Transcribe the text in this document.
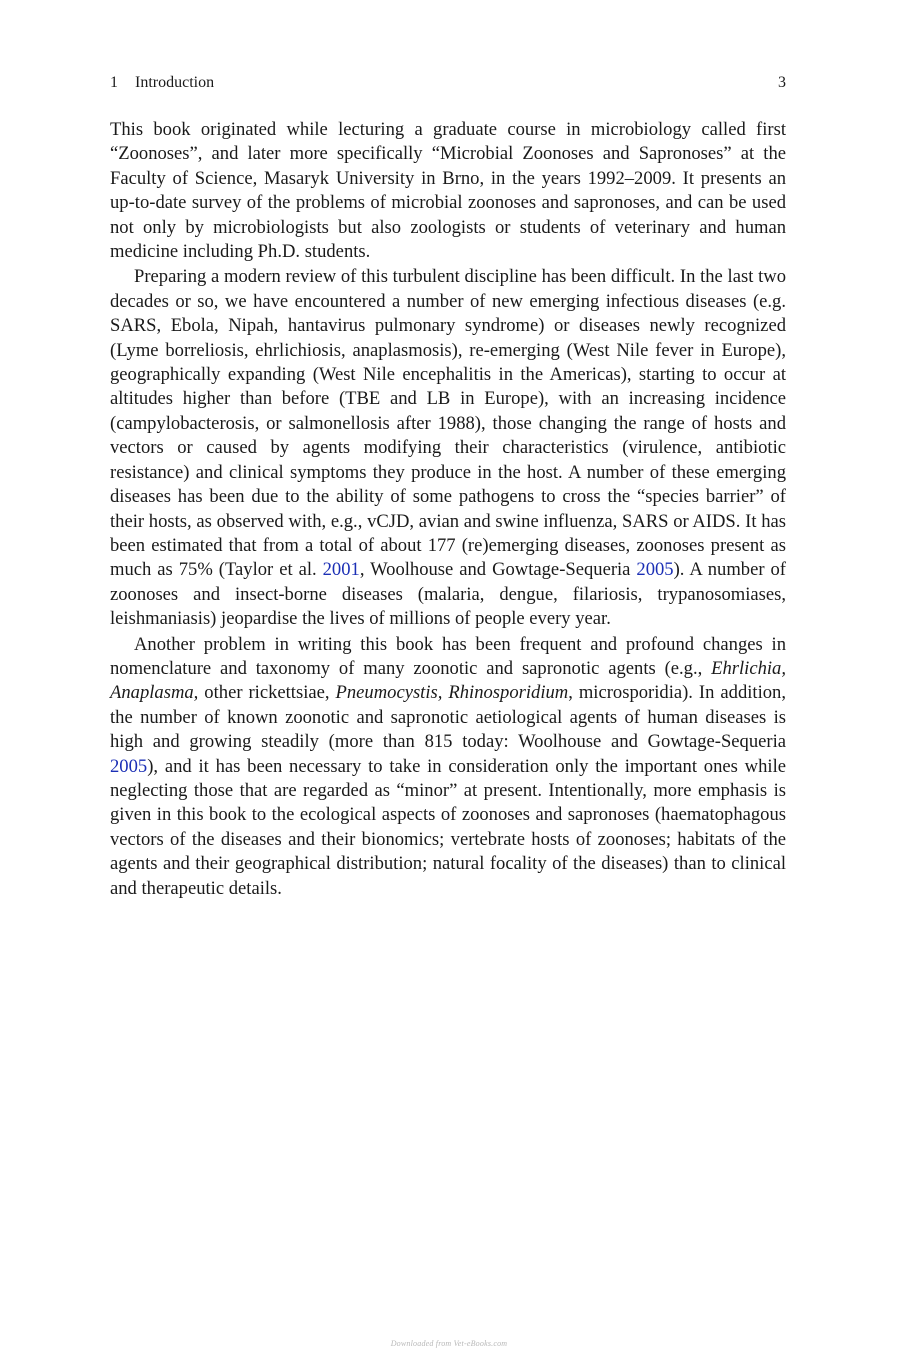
1 Introduction	3

This book originated while lecturing a graduate course in microbiology called first “Zoonoses”, and later more specifically “Microbial Zoonoses and Sapronoses” at the Faculty of Science, Masaryk University in Brno, in the years 1992–2009. It presents an up-to-date survey of the problems of microbial zoonoses and sapronoses, and can be used not only by microbiologists but also zoologists or students of veterinary and human medicine including Ph.D. students.

Preparing a modern review of this turbulent discipline has been difficult. In the last two decades or so, we have encountered a number of new emerging infectious diseases (e.g. SARS, Ebola, Nipah, hantavirus pulmonary syndrome) or diseases newly recognized (Lyme borreliosis, ehrlichiosis, anaplasmosis), re-emerging (West Nile fever in Europe), geographically expanding (West Nile encephalitis in the Americas), starting to occur at altitudes higher than before (TBE and LB in Europe), with an increasing incidence (campylobacterosis, or salmonellosis after 1988), those changing the range of hosts and vectors or caused by agents modifying their characteristics (virulence, antibiotic resistance) and clinical symptoms they produce in the host. A number of these emerging diseases has been due to the ability of some pathogens to cross the “species barrier” of their hosts, as observed with, e.g., vCJD, avian and swine influenza, SARS or AIDS. It has been estimated that from a total of about 177 (re)emerging diseases, zoonoses present as much as 75% (Taylor et al. 2001, Woolhouse and Gowtage-Sequeria 2005). A number of zoonoses and insect-borne diseases (malaria, dengue, filariosis, trypanosomiases, leishmaniasis) jeopardise the lives of millions of people every year.

Another problem in writing this book has been frequent and profound changes in nomenclature and taxonomy of many zoonotic and sapronotic agents (e.g., Ehrlichia, Anaplasma, other rickettsiae, Pneumocystis, Rhinosporidium, microsporidia). In addition, the number of known zoonotic and sapronotic aetiological agents of human diseases is high and growing steadily (more than 815 today: Woolhouse and Gowtage-Sequeria 2005), and it has been necessary to take in consideration only the important ones while neglecting those that are regarded as “minor” at present. Intentionally, more emphasis is given in this book to the ecological aspects of zoonoses and sapronoses (haematophagous vectors of the diseases and their bionomics; vertebrate hosts of zoonoses; habitats of the agents and their geographical distribution; natural focality of the diseases) than to clinical and therapeutic details.

Downloaded from Vet-eBooks.com
